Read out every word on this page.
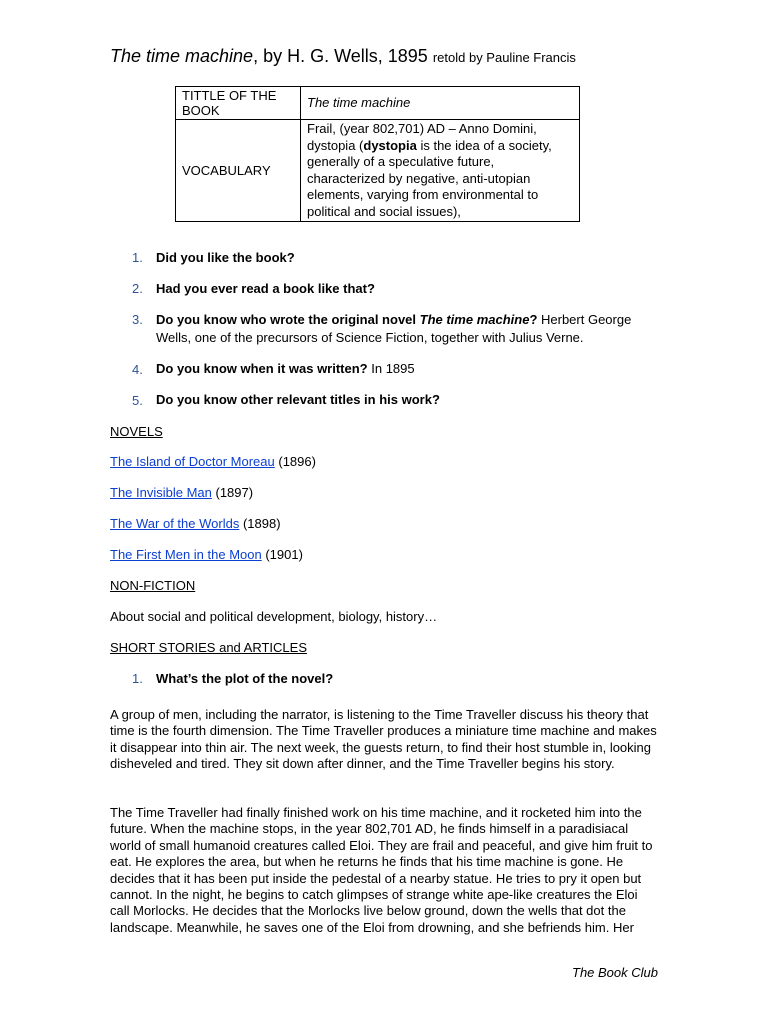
The time machine, by H. G. Wells, 1895 retold by Pauline Francis
TITTLE OF THE BOOK	The time machine
VOCABULARY	Frail, (year 802,701) AD – Anno Domini, dystopia (dystopia is the idea of a society, generally of a speculative future, characterized by negative, anti-utopian elements, varying from environmental to political and social issues),
1.	Did you like the book?
2.	Had you ever read a book like that?
3.	Do you know who wrote the original novel The time machine? Herbert George Wells, one of the precursors of Science Fiction, together with Julius Verne.
4.	Do you know when it was written? In 1895
5.	Do you know other relevant titles in his work?
NOVELS
The Island of Doctor Moreau (1896)
The Invisible Man (1897)
The War of the Worlds (1898)
The First Men in the Moon (1901)
NON-FICTION
About social and political development, biology, history…
SHORT STORIES and ARTICLES
1.	What’s the plot of the novel?
A group of men, including the narrator, is listening to the Time Traveller discuss his theory that time is the fourth dimension. The Time Traveller produces a miniature time machine and makes it disappear into thin air. The next week, the guests return, to find their host stumble in, looking disheveled and tired. They sit down after dinner, and the Time Traveller begins his story.
The Time Traveller had finally finished work on his time machine, and it rocketed him into the future. When the machine stops, in the year 802,701 AD, he finds himself in a paradisiacal world of small humanoid creatures called Eloi. They are frail and peaceful, and give him fruit to eat. He explores the area, but when he returns he finds that his time machine is gone. He decides that it has been put inside the pedestal of a nearby statue. He tries to pry it open but cannot. In the night, he begins to catch glimpses of strange white ape-like creatures the Eloi call Morlocks. He decides that the Morlocks live below ground, down the wells that dot the landscape. Meanwhile, he saves one of the Eloi from drowning, and she befriends him. Her
The Book Club
